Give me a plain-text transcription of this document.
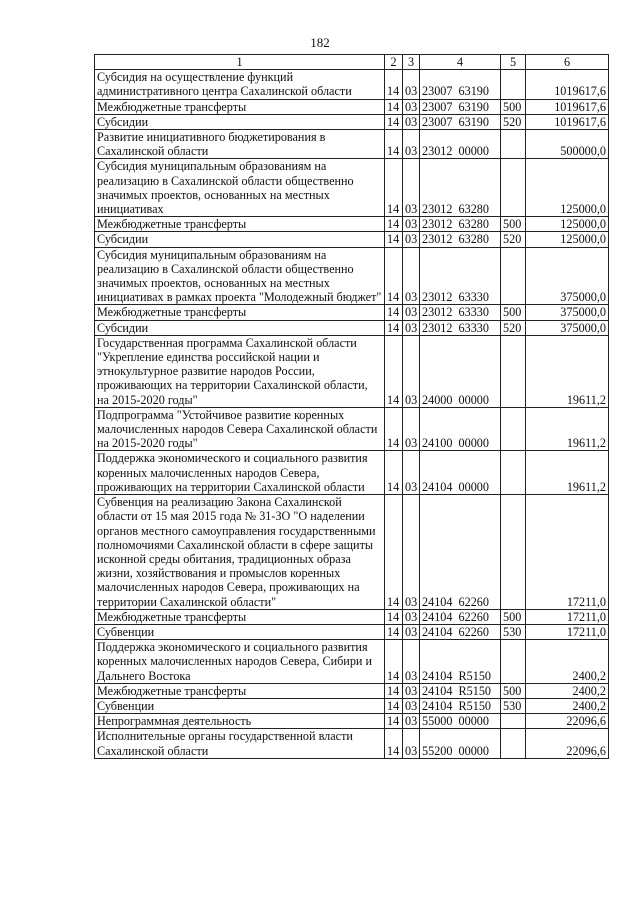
182
1	2	3	4	5	6
Субсидия на осуществление функций административного центра Сахалинской области	14	03	23007 63190		1019617,6
Межбюджетные трансферты	14	03	23007 63190	500	1019617,6
Субсидии	14	03	23007 63190	520	1019617,6
Развитие инициативного бюджетирования в Сахалинской области	14	03	23012 00000		500000,0
Субсидия муниципальным образованиям на реализацию в Сахалинской области общественно значимых проектов, основанных на местных инициативах	14	03	23012 63280		125000,0
Межбюджетные трансферты	14	03	23012 63280	500	125000,0
Субсидии	14	03	23012 63280	520	125000,0
Субсидия муниципальным образованиям на реализацию в Сахалинской области общественно значимых проектов, основанных на местных инициативах в рамках проекта "Молодежный бюджет"	14	03	23012 63330		375000,0
Межбюджетные трансферты	14	03	23012 63330	500	375000,0
Субсидии	14	03	23012 63330	520	375000,0
Государственная программа Сахалинской области "Укрепление единства российской нации и этнокультурное развитие народов России, проживающих на территории Сахалинской области, на 2015-2020 годы"	14	03	24000 00000		19611,2
Подпрограмма "Устойчивое развитие коренных малочисленных народов Севера Сахалинской области на 2015-2020 годы"	14	03	24100 00000		19611,2
Поддержка экономического и социального развития коренных малочисленных народов Севера, проживающих на территории Сахалинской области	14	03	24104 00000		19611,2
Субвенция на реализацию Закона Сахалинской области от 15 мая 2015 года № 31-ЗО "О наделении органов местного самоуправления государственными полномочиями Сахалинской области в сфере защиты исконной среды обитания, традиционных образа жизни, хозяйствования и промыслов коренных малочисленных народов Севера, проживающих на территории Сахалинской области"	14	03	24104 62260		17211,0
Межбюджетные трансферты	14	03	24104 62260	500	17211,0
Субвенции	14	03	24104 62260	530	17211,0
Поддержка экономического и социального развития коренных малочисленных народов Севера, Сибири и Дальнего Востока	14	03	24104 R5150		2400,2
Межбюджетные трансферты	14	03	24104 R5150	500	2400,2
Субвенции	14	03	24104 R5150	530	2400,2
Непрограммная деятельность	14	03	55000 00000		22096,6
Исполнительные органы государственной власти Сахалинской области	14	03	55200 00000		22096,6
